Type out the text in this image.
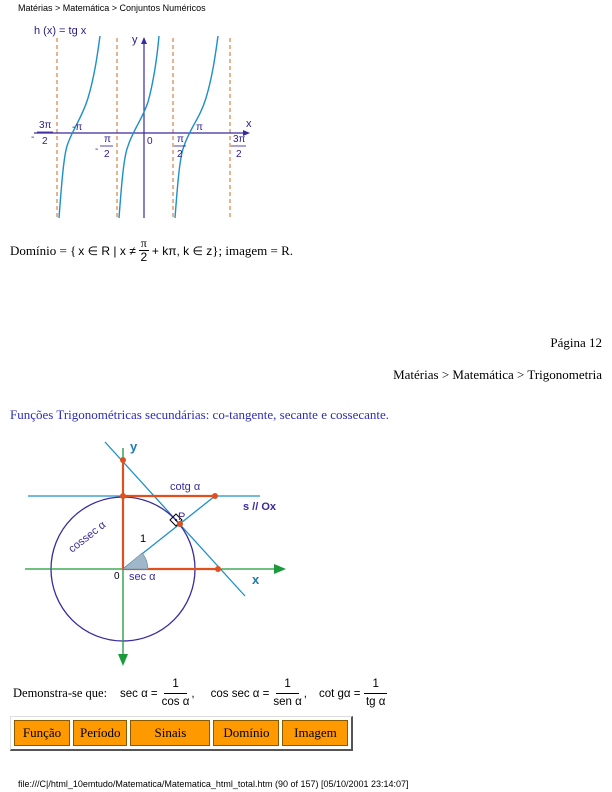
Matérias > Matemática > Conjuntos Numéricos
h (x) = tg x
y
x
0
-
3π
2
-π
-
π
2
π
2
π
3π
2
Domínio = { x ∈ R | $x \ne \frac{\pi}{2} + k\pi$, k ∈ z }; imagem = R.
Página 12
Matérias > Matemática > Trigonometria
Funções Trigonométricas secundárias: co-tangente, secante e cossecante.
y
x
0
cotg α
s // Ox
P
1
cossec α
sec α
Demonstra-se que: $\sec \alpha = \frac{1}{\text{cos α}}$ , cos sec α =
1
sen α
, $\cot g\alpha = \frac{1}{\text{tg α}}$
Função	Período	Sinais	Domínio	Imagem
file:///C|/html_10emtudo/Matematica/Matematica_html_total.htm (90 of 157) [05/10/2001 23:14:07]
